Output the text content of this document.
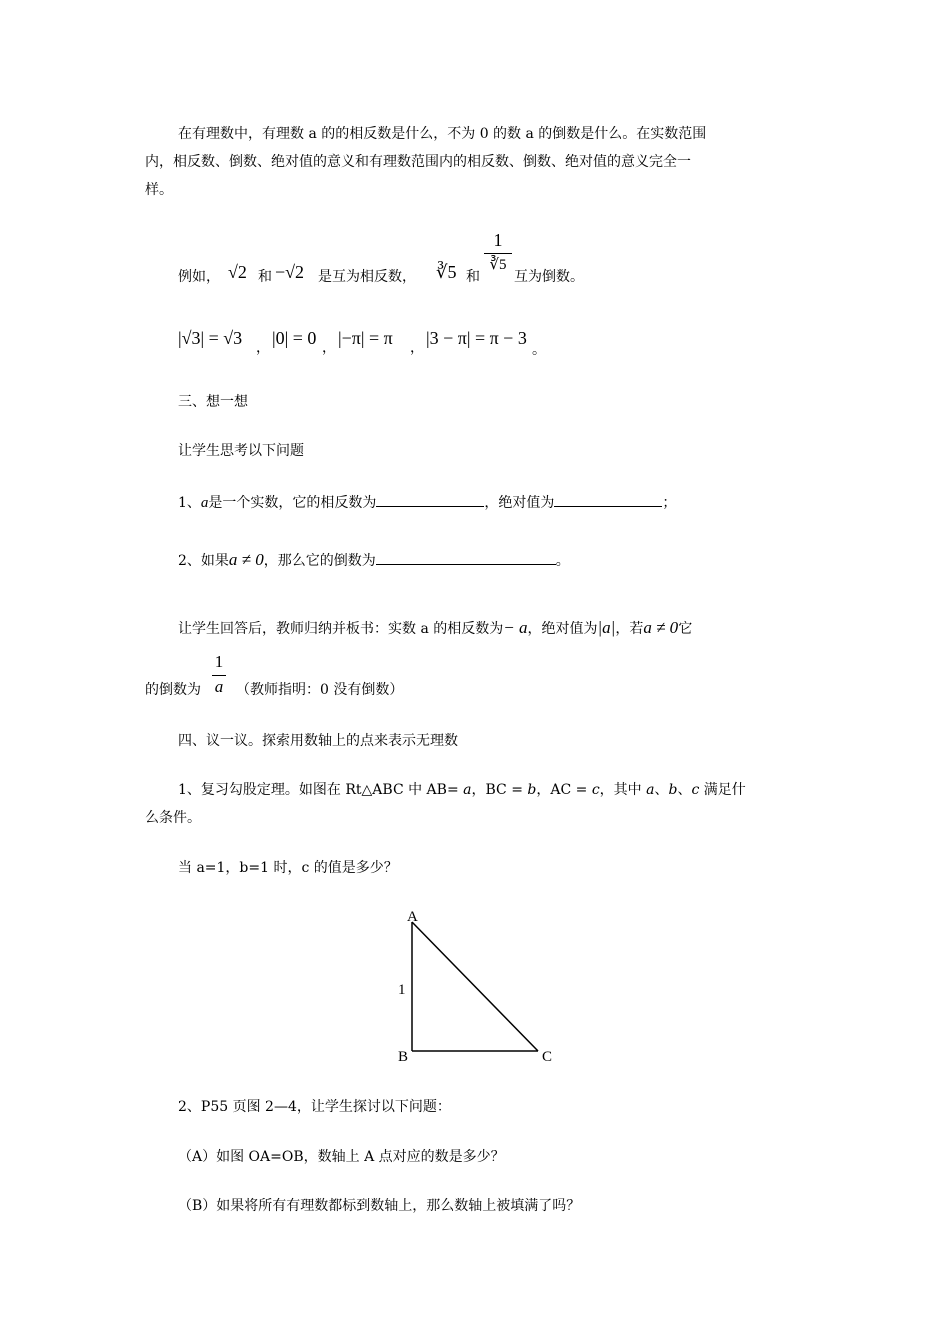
在有理数中，有理数 a 的的相反数是什么，不为 0 的数 a 的倒数是什么。在实数范围
内，相反数、倒数、绝对值的意义和有理数范围内的相反数、倒数、绝对值的意义完全一
样。
例如， √2 和 −√2 是互为相反数， ∛5 和
1
∛5
互为倒数。
|√3| = √3 ， |0| = 0 ， |−π| = π ， |3 − π| = π − 3
。
三、想一想
让学生思考以下问题
1、a是一个实数，它的相反数为	，绝对值为	；
2、如果a ≠ 0，那么它的倒数为	。
让学生回答后，教师归纳并板书：实数 a 的相反数为− a，绝对值为|a|，若a ≠ 0它
的倒数为
1
a （教师指明：0 没有倒数）
四、议一议。探索用数轴上的点来表示无理数
1、复习勾股定理。如图在 Rt△ABC 中 AB= a，BC = b，AC = c，其中 a、b、c 满足什
么条件。
当 a=1，b=1 时，c 的值是多少？
A
B	C
1
2、P55 页图 2—4，让学生探讨以下问题：
（A）如图 OA=OB，数轴上 A 点对应的数是多少？
（B）如果将所有有理数都标到数轴上，那么数轴上被填满了吗？
